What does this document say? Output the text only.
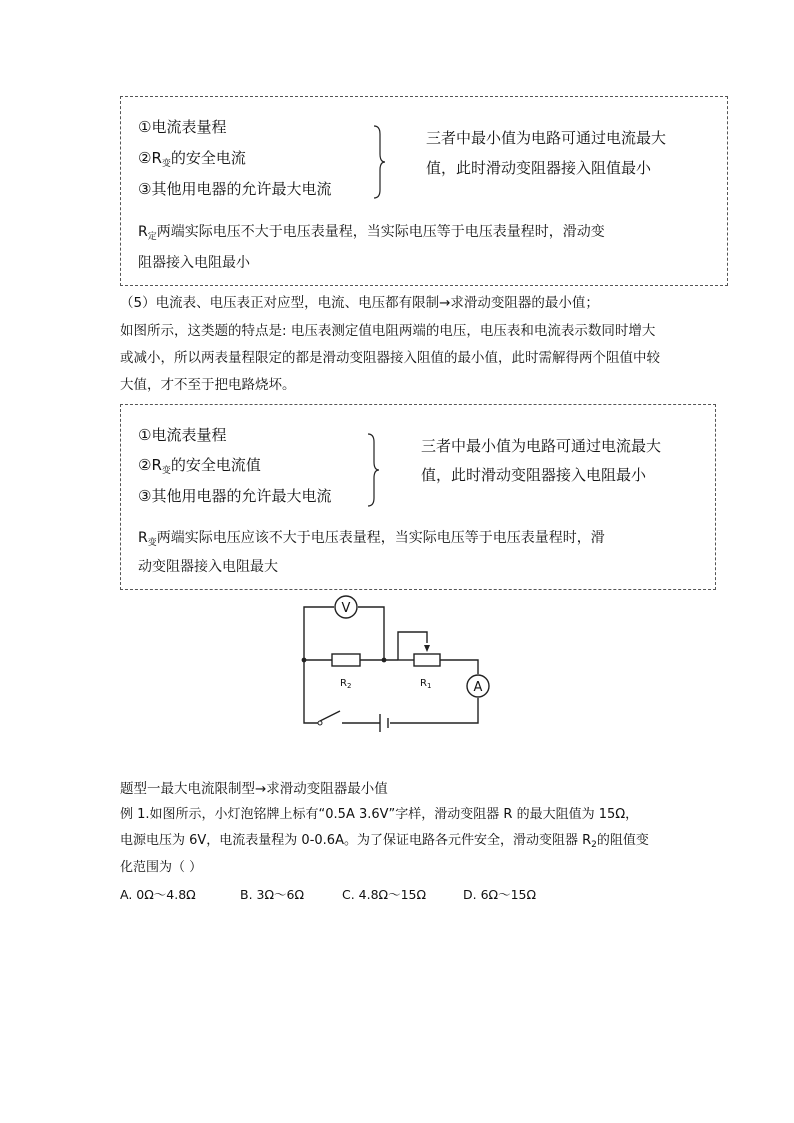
①电流表量程
$②R_变$的安全电流
③其他用电器的允许最大电流
三者中最小值为电路可通过电流最大
值，此时滑动变阻器接入阻值最小
$R_定$两端实际电压不大于电压表量程，当实际电压等于电压表量程时，滑动变
阻器接入电阻最小
（5）电流表、电压表正对应型，电流、电压都有限制→求滑动变阻器的最小值；
如图所示，这类题的特点是: 电压表测定值电阻两端的电压，电压表和电流表示数同时增大
或减小，所以两表量程限定的都是滑动变阻器接入阻值的最小值，此时需解得两个阻值中较
大值，才不至于把电路烧坏。
①电流表量程
$②R_变$的安全电流值
③其他用电器的允许最大电流
三者中最小值为电路可通过电流最大
值，此时滑动变阻器接入电阻最小
$R_变$两端实际电压应该不大于电压表量程，当实际电压等于电压表量程时，滑
动变阻器接入电阻最大
V
$R_2$	$R_1$	A
题型一最大电流限制型→求滑动变阻器最小值
例 1.如图所示，小灯泡铭牌上标有“0.5A 3.6V”字样，滑动变阻器 R 的最大阻值为 15Ω，
电源电压为 6V，电流表量程为 0-0.6A。为了保证电路各元件安全，滑动变阻器 $R_2$的阻值变
化范围为（ ）
A. 0Ω～4.8Ω	B. 3Ω～6Ω	C. 4.8Ω～15Ω	D. 6Ω～15Ω
